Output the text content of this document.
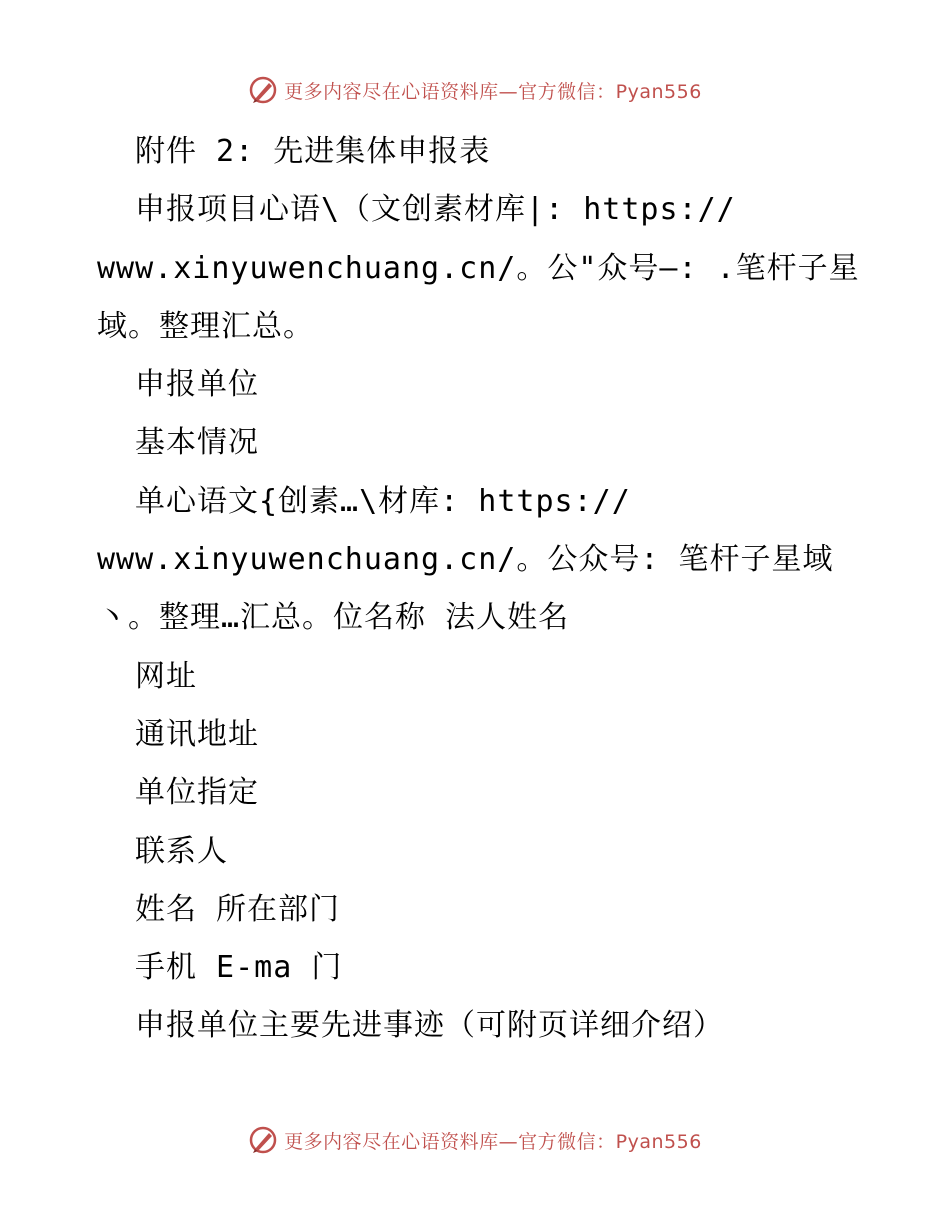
更多内容尽在心语资料库—官方微信：Pyan556
附件 2: 先进集体申报表
申报项目心语\（文创素材库|: https://
www.xinyuwenchuang.cn/。公"众号—: .笔杆子星
域。整理汇总。
申报单位
基本情况
单心语文{创素…\材库: https://
www.xinyuwenchuang.cn/。公众号: 笔杆子星域
丶。整理…汇总。位名称 法人姓名
网址
通讯地址
单位指定
联系人
姓名 所在部门
手机 E-ma 门
申报单位主要先进事迹（可附页详细介绍）
更多内容尽在心语资料库—官方微信：Pyan556
